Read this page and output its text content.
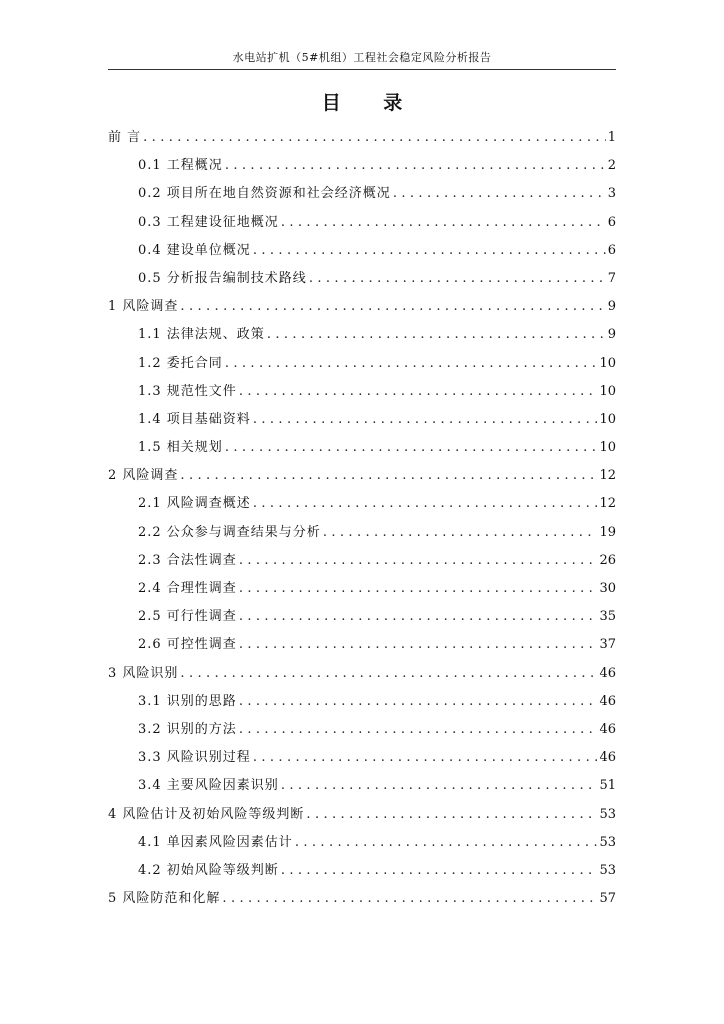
水电站扩机（5#机组）工程社会稳定风险分析报告
目 录
前 言 .....	1
0.1 工程概况 .....	2
0.2 项目所在地自然资源和社会经济概况 .....	3
0.3 工程建设征地概况 .....	6
0.4 建设单位概况 .....	6
0.5 分析报告编制技术路线 .....	7
1 风险调查 .....	9
1.1 法律法规、政策 .....	9
1.2 委托合同 .....	10
1.3 规范性文件 .....	10
1.4 项目基础资料 .....	10
1.5 相关规划 .....	10
2 风险调查 .....	12
2.1 风险调查概述 .....	12
2.2 公众参与调查结果与分析 .....	19
2.3 合法性调查 .....	26
2.4 合理性调查 .....	30
2.5 可行性调查 .....	35
2.6 可控性调查 .....	37
3 风险识别 .....	46
3.1 识别的思路 .....	46
3.2 识别的方法 .....	46
3.3 风险识别过程 .....	46
3.4 主要风险因素识别 .....	51
4 风险估计及初始风险等级判断 .....	53
4.1 单因素风险因素估计 .....	53
4.2 初始风险等级判断 .....	53
5 风险防范和化解 .....	57
